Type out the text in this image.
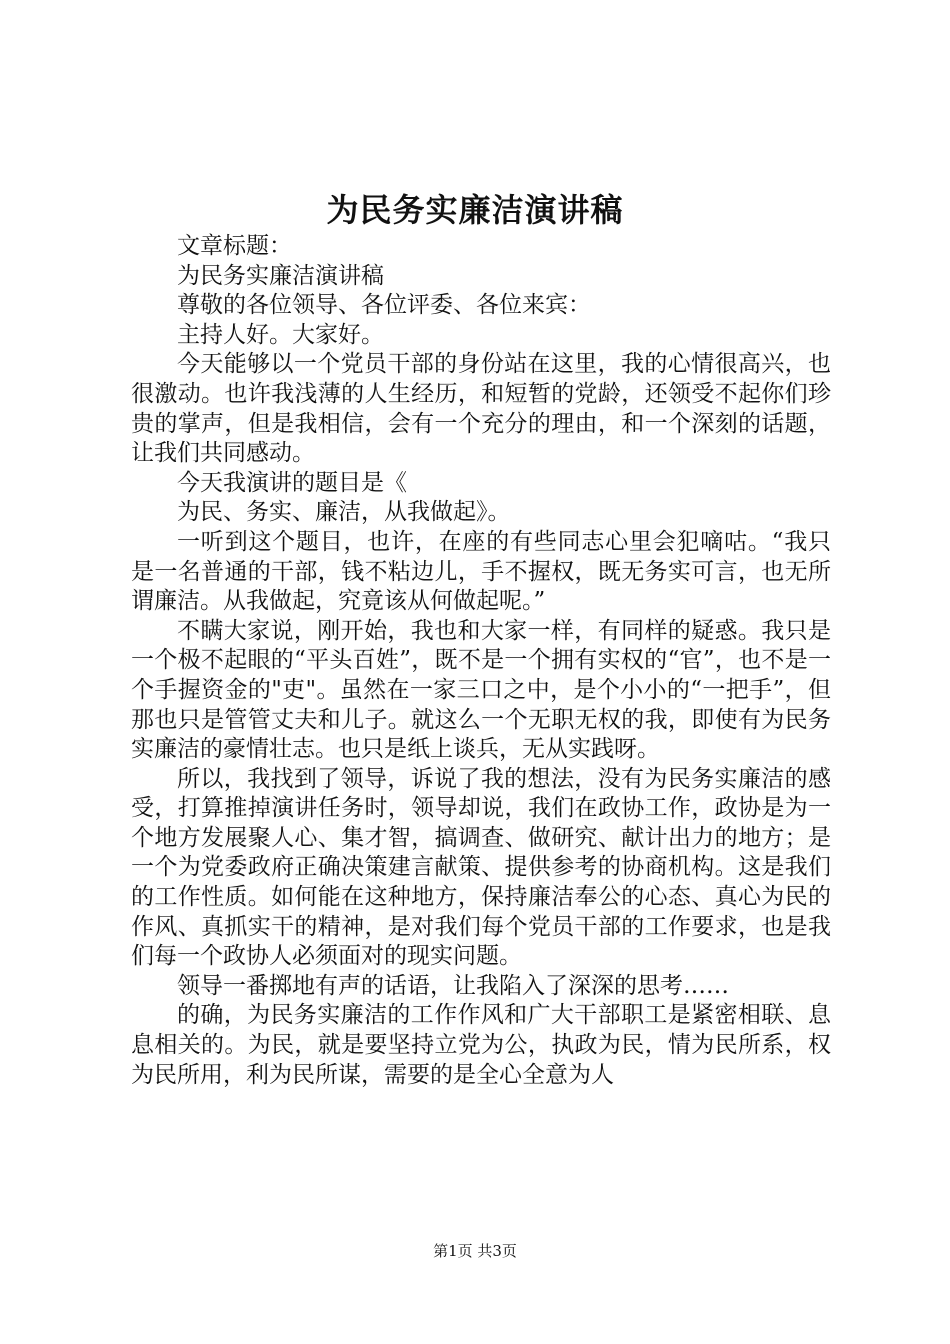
为民务实廉洁演讲稿

文章标题：

为民务实廉洁演讲稿

尊敬的各位领导、各位评委、各位来宾：

主持人好。大家好。

今天能够以一个党员干部的身份站在这里，我的心情很高兴，也很激动。也许我浅薄的人生经历，和短暂的党龄，还领受不起你们珍贵的掌声，但是我相信，会有一个充分的理由，和一个深刻的话题，让我们共同感动。

今天我演讲的题目是《

为民、务实、廉洁，从我做起》。

一听到这个题目，也许，在座的有些同志心里会犯嘀咕。“我只是一名普通的干部，钱不粘边儿，手不握权，既无务实可言，也无所谓廉洁。从我做起，究竟该从何做起呢。”

不瞒大家说，刚开始，我也和大家一样，有同样的疑惑。我只是一个极不起眼的“平头百姓”，既不是一个拥有实权的“官”，也不是一个手握资金的"吏"。虽然在一家三口之中，是个小小的“一把手”，但那也只是管管丈夫和儿子。就这么一个无职无权的我，即使有为民务实廉洁的豪情壮志。也只是纸上谈兵，无从实践呀。

所以，我找到了领导，诉说了我的想法，没有为民务实廉洁的感受，打算推掉演讲任务时，领导却说，我们在政协工作，政协是为一个地方发展聚人心、集才智，搞调查、做研究、献计出力的地方；是一个为党委政府正确决策建言献策、提供参考的协商机构。这是我们的工作性质。如何能在这种地方，保持廉洁奉公的心态、真心为民的作风、真抓实干的精神，是对我们每个党员干部的工作要求，也是我们每一个政协人必须面对的现实问题。

领导一番掷地有声的话语，让我陷入了深深的思考……

的确，为民务实廉洁的工作作风和广大干部职工是紧密相联、息息相关的。为民，就是要坚持立党为公，执政为民，情为民所系，权为民所用，利为民所谋，需要的是全心全意为人

第1页 共3页
